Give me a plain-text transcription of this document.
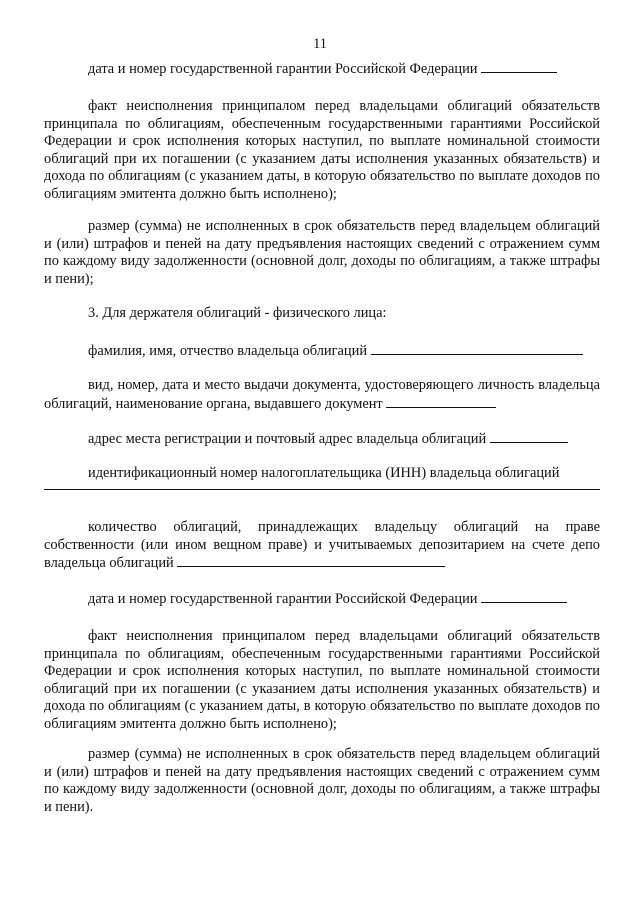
11

дата и номер государственной гарантии Российской Федерации

факт неисполнения принципалом перед владельцами облигаций обязательств принципала по облигациям, обеспеченным государственными гарантиями Российской Федерации и срок исполнения которых наступил, по выплате номинальной стоимости облигаций при их погашении (с указанием даты исполнения указанных обязательств) и дохода по облигациям (с указанием даты, в которую обязательство по выплате доходов по облигациям эмитента должно быть исполнено);

размер (сумма) не исполненных в срок обязательств перед владельцем облигаций и (или) штрафов и пеней на дату предъявления настоящих сведений с отражением сумм по каждому виду задолженности (основной долг, доходы по облигациям, а также штрафы и пени);

3. Для держателя облигаций - физического лица:

фамилия, имя, отчество владельца облигаций

вид, номер, дата и место выдачи документа, удостоверяющего личность владельца облигаций, наименование органа, выдавшего документ

адрес места регистрации и почтовый адрес владельца облигаций

идентификационный номер налогоплательщика (ИНН) владельца облигаций

количество облигаций, принадлежащих владельцу облигаций на праве собственности (или ином вещном праве) и учитываемых депозитарием на счете депо владельца облигаций

дата и номер государственной гарантии Российской Федерации

факт неисполнения принципалом перед владельцами облигаций обязательств принципала по облигациям, обеспеченным государственными гарантиями Российской Федерации и срок исполнения которых наступил, по выплате номинальной стоимости облигаций при их погашении (с указанием даты исполнения указанных обязательств) и дохода по облигациям (с указанием даты, в которую обязательство по выплате доходов по облигациям эмитента должно быть исполнено);

размер (сумма) не исполненных в срок обязательств перед владельцем облигаций и (или) штрафов и пеней на дату предъявления настоящих сведений с отражением сумм по каждому виду задолженности (основной долг, доходы по облигациям, а также штрафы и пени).
